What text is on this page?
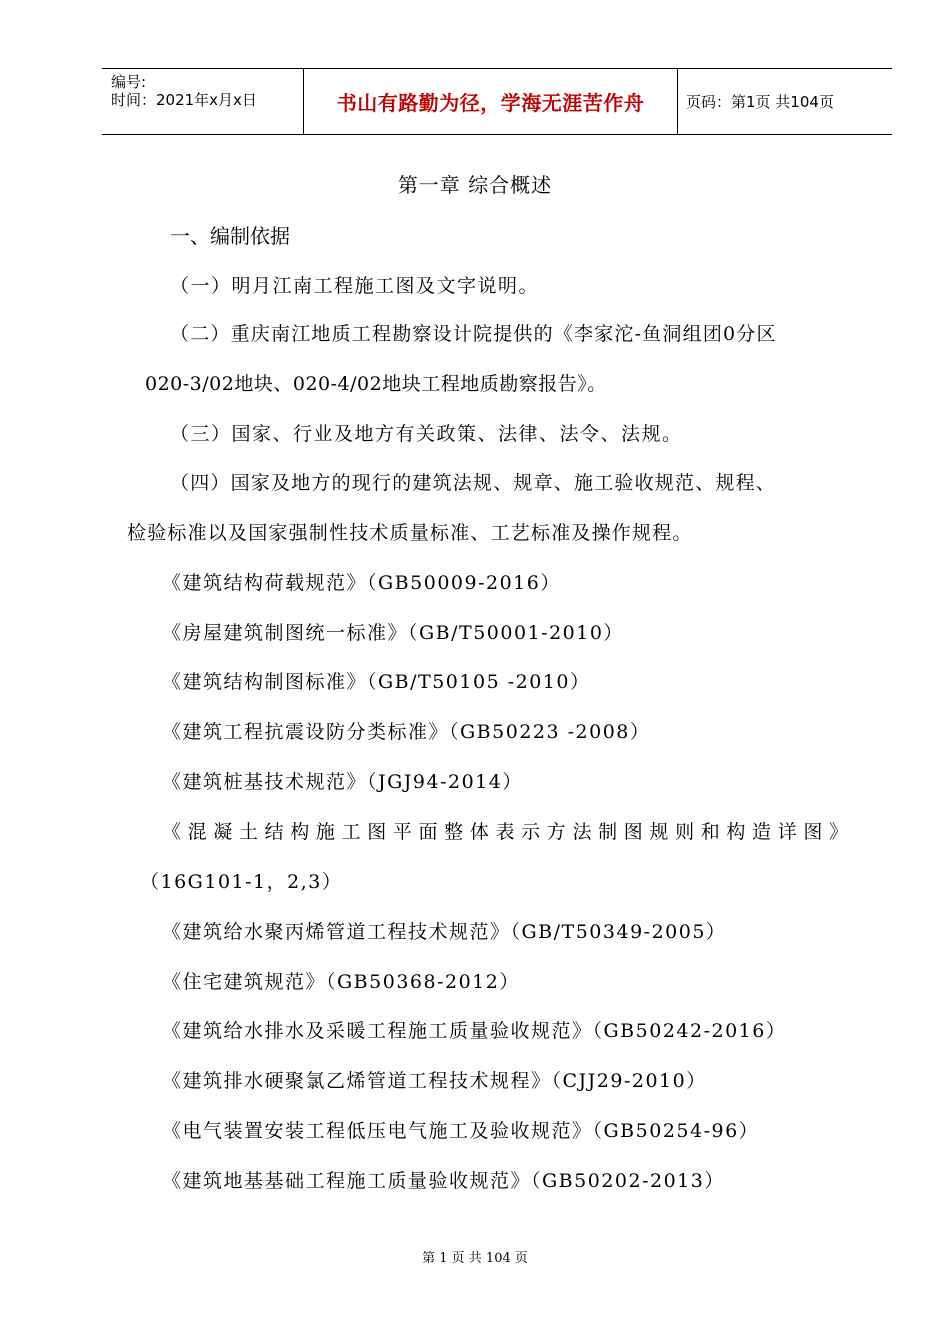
编号:
时间：2021年x月x日	书山有路勤为径，学海无涯苦作舟	页码：第1页 共104页
第一章 综合概述
一、编制依据
（一）明月江南工程施工图及文字说明。
（二）重庆南江地质工程勘察设计院提供的《李家沱-鱼洞组团0分区
020-3/02地块、020-4/02地块工程地质勘察报告》。
（三）国家、行业及地方有关政策、法律、法令、法规。
（四）国家及地方的现行的建筑法规、规章、施工验收规范、规程、
检验标准以及国家强制性技术质量标准、工艺标准及操作规程。
《建筑结构荷载规范》（GB50009-2016）
《房屋建筑制图统一标准》（GB/T50001-2010）
《建筑结构制图标准》（GB/T50105 -2010）
《建筑工程抗震设防分类标准》（GB50223 -2008）
《建筑桩基技术规范》（JGJ94-2014）
《混凝土结构施工图平面整体表示方法制图规则和构造详图》
（16G101-1，2,3）
《建筑给水聚丙烯管道工程技术规范》（GB/T50349-2005）
《住宅建筑规范》（GB50368-2012）
《建筑给水排水及采暖工程施工质量验收规范》（GB50242-2016）
《建筑排水硬聚氯乙烯管道工程技术规程》（CJJ29-2010）
《电气装置安装工程低压电气施工及验收规范》（GB50254-96）
《建筑地基基础工程施工质量验收规范》（GB50202-2013）
第 1 页 共 104 页
